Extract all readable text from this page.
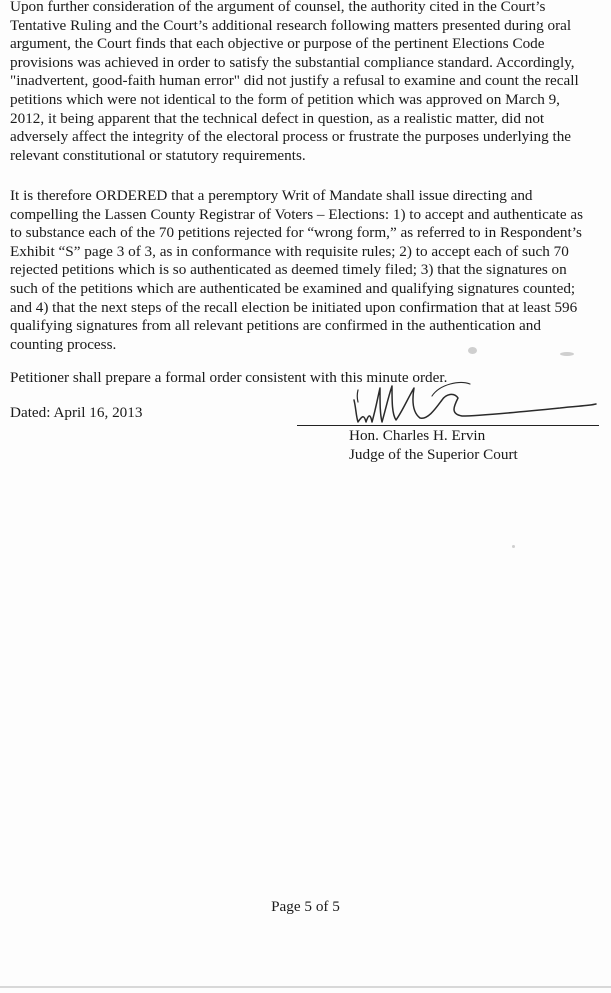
Upon further consideration of the argument of counsel, the authority cited in the Court’s
Tentative Ruling and the Court’s additional research following matters presented during oral
argument, the Court finds that each objective or purpose of the pertinent Elections Code
provisions was achieved in order to satisfy the substantial compliance standard. Accordingly,
"inadvertent, good-faith human error" did not justify a refusal to examine and count the recall
petitions which were not identical to the form of petition which was approved on March 9,
2012, it being apparent that the technical defect in question, as a realistic matter, did not
adversely affect the integrity of the electoral process or frustrate the purposes underlying the
relevant constitutional or statutory requirements.
It is therefore ORDERED that a peremptory Writ of Mandate shall issue directing and
compelling the Lassen County Registrar of Voters – Elections: 1) to accept and authenticate as
to substance each of the 70 petitions rejected for “wrong form,” as referred to in Respondent’s
Exhibit “S” page 3 of 3, as in conformance with requisite rules; 2) to accept each of such 70
rejected petitions which is so authenticated as deemed timely filed; 3) that the signatures on
such of the petitions which are authenticated be examined and qualifying signatures counted;
and 4) that the next steps of the recall election be initiated upon confirmation that at least 596
qualifying signatures from all relevant petitions are confirmed in the authentication and
counting process.
Petitioner shall prepare a formal order consistent with this minute order.
Dated: April 16, 2013
Hon. Charles H. Ervin
Judge of the Superior Court
Page 5 of 5
